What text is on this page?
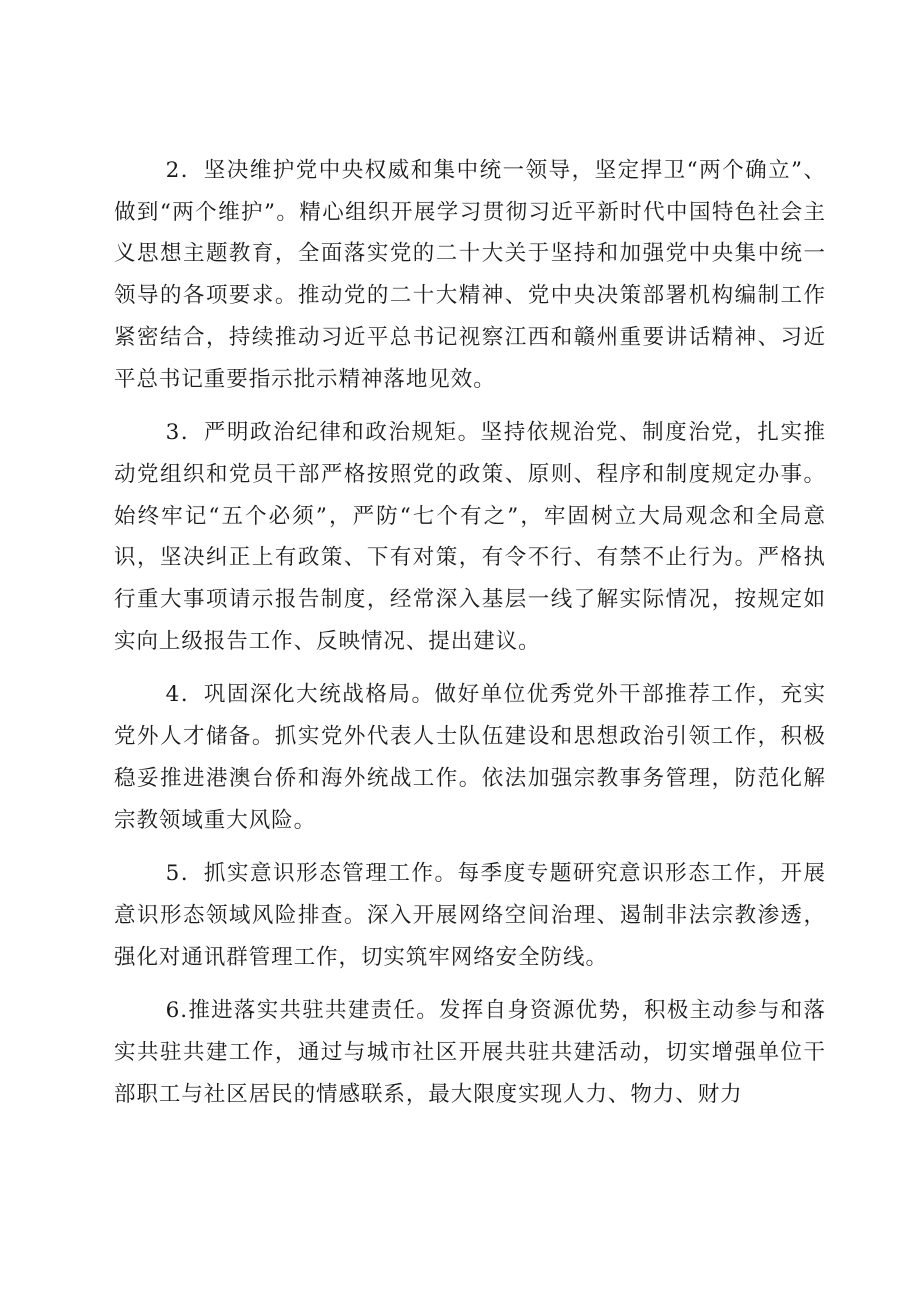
2．坚决维护党中央权威和集中统一领导，坚定捍卫“两个确立”、做到“两个维护”。精心组织开展学习贯彻习近平新时代中国特色社会主义思想主题教育，全面落实党的二十大关于坚持和加强党中央集中统一领导的各项要求。推动党的二十大精神、党中央决策部署机构编制工作紧密结合，持续推动习近平总书记视察江西和赣州重要讲话精神、习近平总书记重要指示批示精神落地见效。

3．严明政治纪律和政治规矩。坚持依规治党、制度治党，扎实推动党组织和党员干部严格按照党的政策、原则、程序和制度规定办事。始终牢记“五个必须”，严防“七个有之”，牢固树立大局观念和全局意识，坚决纠正上有政策、下有对策，有令不行、有禁不止行为。严格执行重大事项请示报告制度，经常深入基层一线了解实际情况，按规定如实向上级报告工作、反映情况、提出建议。

4．巩固深化大统战格局。做好单位优秀党外干部推荐工作，充实党外人才储备。抓实党外代表人士队伍建设和思想政治引领工作，积极稳妥推进港澳台侨和海外统战工作。依法加强宗教事务管理，防范化解宗教领域重大风险。

5．抓实意识形态管理工作。每季度专题研究意识形态工作，开展意识形态领域风险排查。深入开展网络空间治理、遏制非法宗教渗透，强化对通讯群管理工作，切实筑牢网络安全防线。

6.推进落实共驻共建责任。发挥自身资源优势，积极主动参与和落实共驻共建工作，通过与城市社区开展共驻共建活动，切实增强单位干部职工与社区居民的情感联系，最大限度实现人力、物力、财力
